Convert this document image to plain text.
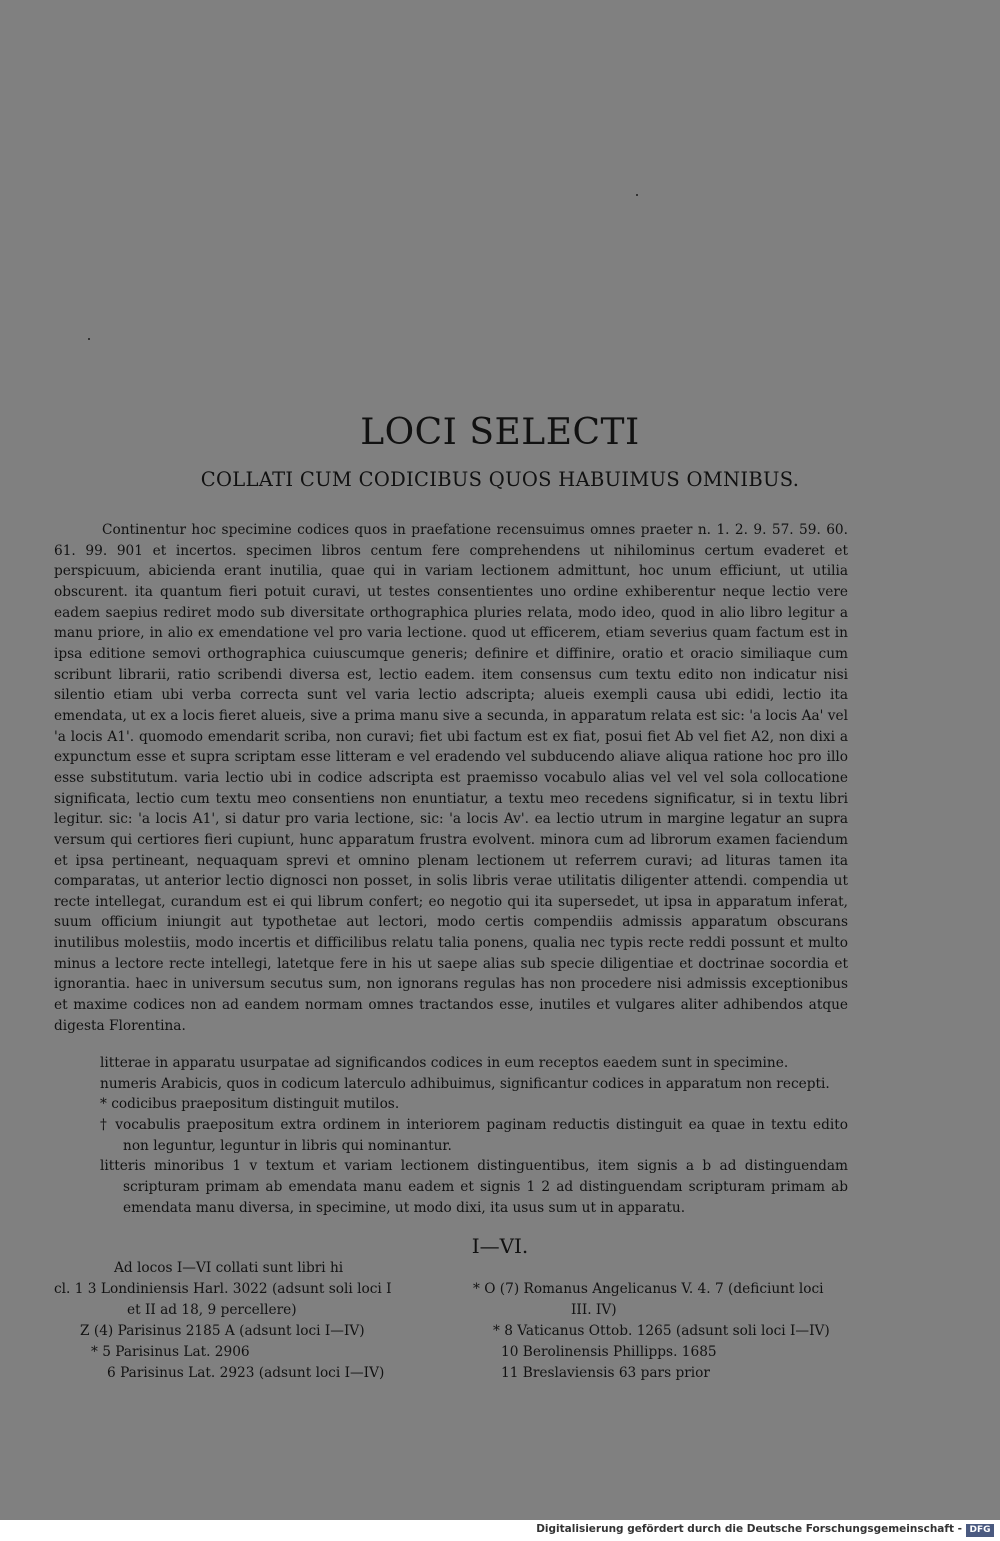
LOCI SELECTI
COLLATI CUM CODICIBUS QUOS HABUIMUS OMNIBUS.
Continentur hoc specimine codices quos in praefatione recensuimus omnes praeter n. 1. 2. 9. 57. 59. 60. 61. 99. 901 et incertos. specimen libros centum fere comprehendens ut nihilominus certum evaderet et perspicuum, abicienda erant inutilia, quae qui in variam lectionem admittunt, hoc unum efficiunt, ut utilia obscurent. ita quantum fieri potuit curavi, ut testes consentientes uno ordine exhiberentur neque lectio vere eadem saepius rediret modo sub diversitate orthographica pluries relata, modo ideo, quod in alio libro legitur a manu priore, in alio ex emendatione vel pro varia lectione. quod ut efficerem, etiam severius quam factum est in ipsa editione semovi orthographica cuiuscumque generis; definire et diffinire, oratio et oracio similiaque cum scribunt librarii, ratio scribendi diversa est, lectio eadem. item consensus cum textu edito non indicatur nisi silentio etiam ubi verba correcta sunt vel varia lectio adscripta; alueis exempli causa ubi edidi, lectio ita emendata, ut ex a locis fieret alueis, sive a prima manu sive a secunda, in apparatum relata est sic: 'a locis Aa' vel 'a locis A1'. quomodo emendarit scriba, non curavi; fiet ubi factum est ex fiat, posui fiet Ab vel fiet A2, non dixi a expunctum esse et supra scriptam esse litteram e vel eradendo vel subducendo aliave aliqua ratione hoc pro illo esse substitutum. varia lectio ubi in codice adscripta est praemisso vocabulo alias vel vel vel sola collocatione significata, lectio cum textu meo consentiens non enuntiatur, a textu meo recedens significatur, si in textu libri legitur. sic: 'a locis A1', si datur pro varia lectione, sic: 'a locis Av'. ea lectio utrum in margine legatur an supra versum qui certiores fieri cupiunt, hunc apparatum frustra evolvent. minora cum ad librorum examen faciendum et ipsa pertineant, nequaquam sprevi et omnino plenam lectionem ut referrem curavi; ad lituras tamen ita comparatas, ut anterior lectio dignosci non posset, in solis libris verae utilitatis diligenter attendi. compendia ut recte intellegat, curandum est ei qui librum confert; eo negotio qui ita supersedet, ut ipsa in apparatum inferat, suum officium iniungit aut typothetae aut lectori, modo certis compendiis admissis apparatum obscurans inutilibus molestiis, modo incertis et difficilibus relatu talia ponens, qualia nec typis recte reddi possunt et multo minus a lectore recte intellegi, latetque fere in his ut saepe alias sub specie diligentiae et doctrinae socordia et ignorantia. haec in universum secutus sum, non ignorans regulas has non procedere nisi admissis exceptionibus et maxime codices non ad eandem normam omnes tractandos esse, inutiles et vulgares aliter adhibendos atque digesta Florentina.

litterae in apparatu usurpatae ad significandos codices in eum receptos eaedem sunt in specimine.

numeris Arabicis, quos in codicum laterculo adhibuimus, significantur codices in apparatum non recepti.

* codicibus praepositum distinguit mutilos.

† vocabulis praepositum extra ordinem in interiorem paginam reductis distinguit ea quae in textu edito non leguntur, leguntur in libris qui nominantur.

litteris minoribus 1 v textum et variam lectionem distinguentibus, item signis a b ad distinguendam scripturam primam ab emendata manu eadem et signis 1 2 ad distinguendam scripturam primam ab emendata manu diversa, in specimine, ut modo dixi, ita usus sum ut in apparatu.

I—VI.
Ad locos I—VI collati sunt libri hi
cl. 1 3 Londiniensis Harl. 3022 (adsunt soli loci I
et II ad 18, 9 percellere)
Z (4) Parisinus 2185 A (adsunt loci I—IV)
* 5 Parisinus Lat. 2906
6 Parisinus Lat. 2923 (adsunt loci I—IV)
* O (7) Romanus Angelicanus V. 4. 7 (deficiunt loci
III. IV)
* 8 Vaticanus Ottob. 1265 (adsunt soli loci I—IV)
10 Berolinensis Phillipps. 1685
11 Breslaviensis 63 pars prior
Digitalisierung gefördert durch die Deutsche Forschungsgemeinschaft - DFG
